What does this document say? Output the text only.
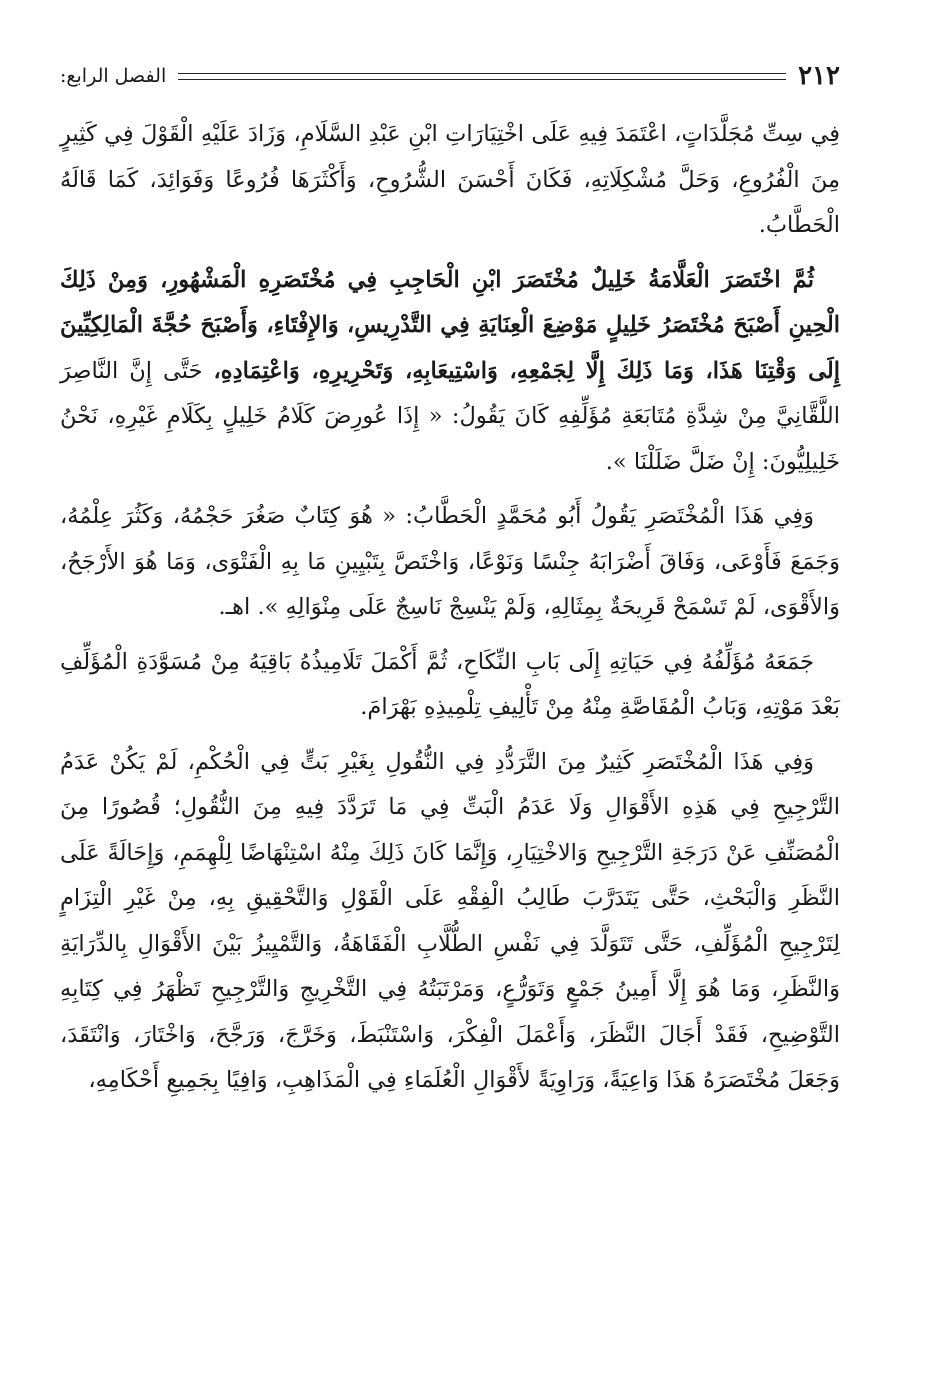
٢١٢
الفصل الرابع:

فِي سِتِّ مُجَلَّدَاتٍ، اعْتَمَدَ فِيهِ عَلَى اخْتِيَارَاتِ ابْنِ عَبْدِ السَّلَامِ، وَزَادَ عَلَيْهِ الْقَوْلَ فِي كَثِيرٍ مِنَ الْفُرُوعِ، وَحَلَّ مُشْكِلَاتِهِ، فَكَانَ أَحْسَنَ الشُّرُوحِ، وَأَكْثَرَهَا فُرُوعًا وَفَوَائِدَ، كَمَا قَالَهُ الْحَطَّابُ.

ثُمَّ اخْتَصَرَ الْعَلَّامَةُ خَلِيلٌ مُخْتَصَرَ ابْنِ الْحَاجِبِ فِي مُخْتَصَرِهِ الْمَشْهُورِ، وَمِنْ ذَلِكَ الْحِينِ أَصْبَحَ مُخْتَصَرُ خَلِيلٍ مَوْضِعَ الْعِنَايَةِ فِي التَّدْرِيسِ، وَالإِفْتَاءِ، وَأَصْبَحَ حُجَّةَ الْمَالِكِيِّينَ إِلَى وَقْتِنَا هَذَا، وَمَا ذَلِكَ إِلَّا لِجَمْعِهِ، وَاسْتِيعَابِهِ، وَتَحْرِيرِهِ، وَاعْتِمَادِهِ، حَتَّى إِنَّ النَّاصِرَ اللَّقَّانِيَّ مِنْ شِدَّةِ مُتَابَعَةِ مُؤَلِّفِهِ كَانَ يَقُولُ: « إِذَا عُورِضَ كَلَامُ خَلِيلٍ بِكَلَامِ غَيْرِهِ، نَحْنُ خَلِيلِيُّونَ: إِنْ ضَلَّ ضَلَلْنَا ».

وَفِي هَذَا الْمُخْتَصَرِ يَقُولُ أَبُو مُحَمَّدٍ الْحَطَّابُ: « هُوَ كِتَابٌ صَغُرَ حَجْمُهُ، وَكَثُرَ عِلْمُهُ، وَجَمَعَ فَأَوْعَى، وَفَاقَ أَضْرَابَهُ جِنْسًا وَنَوْعًا، وَاخْتَصَّ بِتَبْيِينِ مَا بِهِ الْفَتْوَى، وَمَا هُوَ الأَرْجَحُ، وَالأَقْوَى، لَمْ تَسْمَحْ قَرِيحَةٌ بِمِثَالِهِ، وَلَمْ يَنْسِجْ نَاسِجٌ عَلَى مِنْوَالِهِ ». اهـ.

جَمَعَهُ مُؤَلِّفُهُ فِي حَيَاتِهِ إِلَى بَابِ النِّكَاحِ، ثُمَّ أَكْمَلَ تَلَامِيذُهُ بَاقِيَهُ مِنْ مُسَوَّدَةِ الْمُؤَلِّفِ بَعْدَ مَوْتِهِ، وَبَابُ الْمُقَاصَّةِ مِنْهُ مِنْ تَأْلِيفِ تِلْمِيذِهِ بَهْرَامَ.

وَفِي هَذَا الْمُخْتَصَرِ كَثِيرٌ مِنَ التَّرَدُّدِ فِي النُّقُولِ بِغَيْرِ بَتٍّ فِي الْحُكْمِ، لَمْ يَكُنْ عَدَمُ التَّرْجِيحِ فِي هَذِهِ الأَقْوَالِ وَلَا عَدَمُ الْبَتِّ فِي مَا تَرَدَّدَ فِيهِ مِنَ النُّقُولِ؛ قُصُورًا مِنَ الْمُصَنِّفِ عَنْ دَرَجَةِ التَّرْجِيحِ وَالاخْتِيَارِ، وَإِنَّمَا كَانَ ذَلِكَ مِنْهُ اسْتِنْهَاضًا لِلْهِمَمِ، وَإِحَالَةً عَلَى النَّظَرِ وَالْبَحْثِ، حَتَّى يَتَدَرَّبَ طَالِبُ الْفِقْهِ عَلَى الْقَوْلِ وَالتَّحْقِيقِ بِهِ، مِنْ غَيْرِ الْتِزَامٍ لِتَرْجِيحِ الْمُؤَلِّفِ، حَتَّى تَتَوَلَّدَ فِي نَفْسِ الطُّلَّابِ الْفَقَاهَةُ، وَالتَّمْيِيزُ بَيْنَ الأَقْوَالِ بِالدِّرَايَةِ وَالنَّظَرِ، وَمَا هُوَ إِلَّا أَمِينُ جَمْعٍ وَتَوَرُّعٍ، وَمَرْتَبَتُهُ فِي التَّخْرِيجِ وَالتَّرْجِيحِ تَظْهَرُ فِي كِتَابِهِ التَّوْضِيحِ، فَقَدْ أَجَالَ النَّظَرَ، وَأَعْمَلَ الْفِكْرَ، وَاسْتَنْبَطَ، وَخَرَّجَ، وَرَجَّحَ، وَاخْتَارَ، وَانْتَقَدَ، وَجَعَلَ مُخْتَصَرَهُ هَذَا وَاعِيَةً، وَرَاوِيَةً لأَقْوَالِ الْعُلَمَاءِ فِي الْمَذَاهِبِ، وَافِيًا بِجَمِيعِ أَحْكَامِهِ،
